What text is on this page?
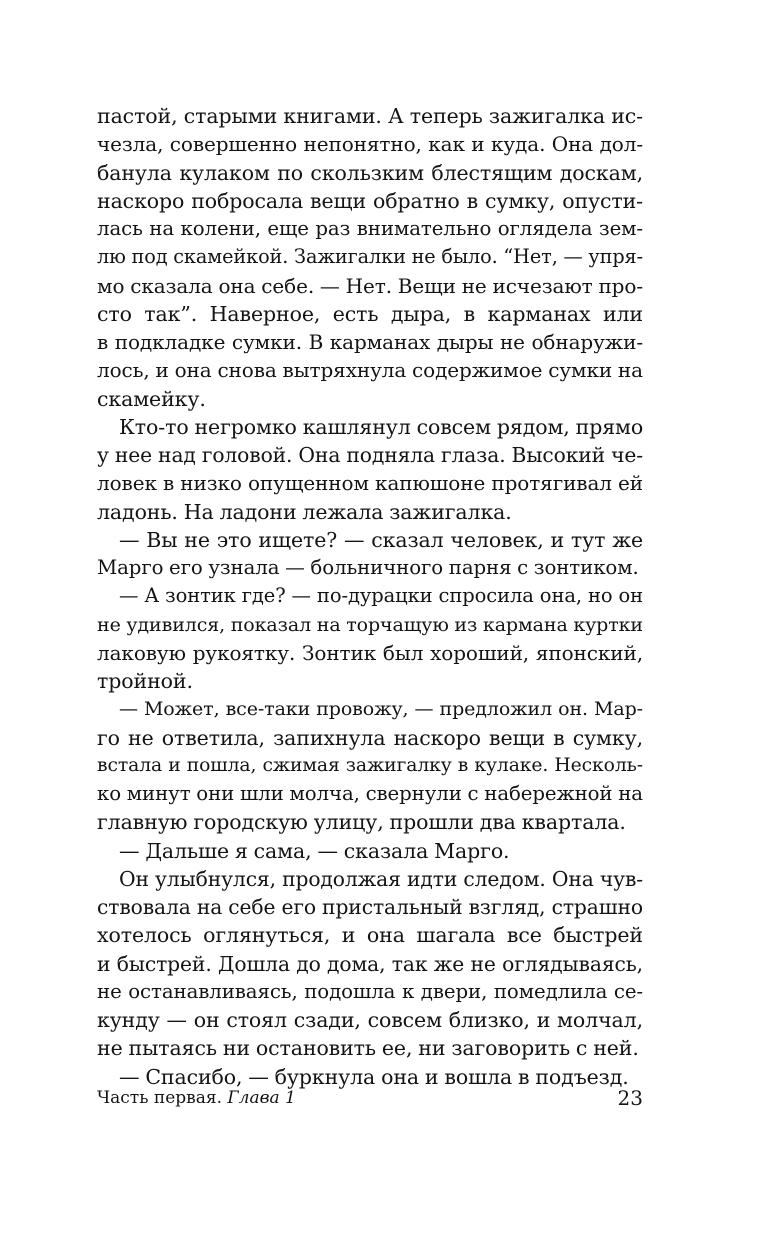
пастой, старыми книгами. А теперь зажигалка ис-
чезла, совершенно непонятно, как и куда. Она дол-
банула кулаком по скользким блестящим доскам,
наскоро побросала вещи обратно в сумку, опусти-
лась на колени, еще раз внимательно оглядела зем-
лю под скамейкой. Зажигалки не было. “Нет, — упря-
мо сказала она себе. — Нет. Вещи не исчезают про-
сто так”. Наверное, есть дыра, в карманах или
в подкладке сумки. В карманах дыры не обнаружи-
лось, и она снова вытряхнула содержимое сумки на
скамейку.
Кто-то негромко кашлянул совсем рядом, прямо
у нее над головой. Она подняла глаза. Высокий че-
ловек в низко опущенном капюшоне протягивал ей
ладонь. На ладони лежала зажигалка.
— Вы не это ищете? — сказал человек, и тут же
Марго его узнала — больничного парня с зонтиком.
— А зонтик где? — по-дурацки спросила она, но он
не удивился, показал на торчащую из кармана куртки
лаковую рукоятку. Зонтик был хороший, японский,
тройной.
— Может, все-таки провожу, — предложил он. Мар-
го не ответила, запихнула наскоро вещи в сумку,
встала и пошла, сжимая зажигалку в кулаке. Несколь-
ко минут они шли молча, свернули с набережной на
главную городскую улицу, прошли два квартала.
— Дальше я сама, — сказала Марго.
Он улыбнулся, продолжая идти следом. Она чув-
ствовала на себе его пристальный взгляд, страшно
хотелось оглянуться, и она шагала все быстрей
и быстрей. Дошла до дома, так же не оглядываясь,
не останавливаясь, подошла к двери, помедлила се-
кунду — он стоял сзади, совсем близко, и молчал,
не пытаясь ни остановить ее, ни заговорить с ней.
— Спасибо, — буркнула она и вошла в подъезд.
Часть первая. Глава 1	23
